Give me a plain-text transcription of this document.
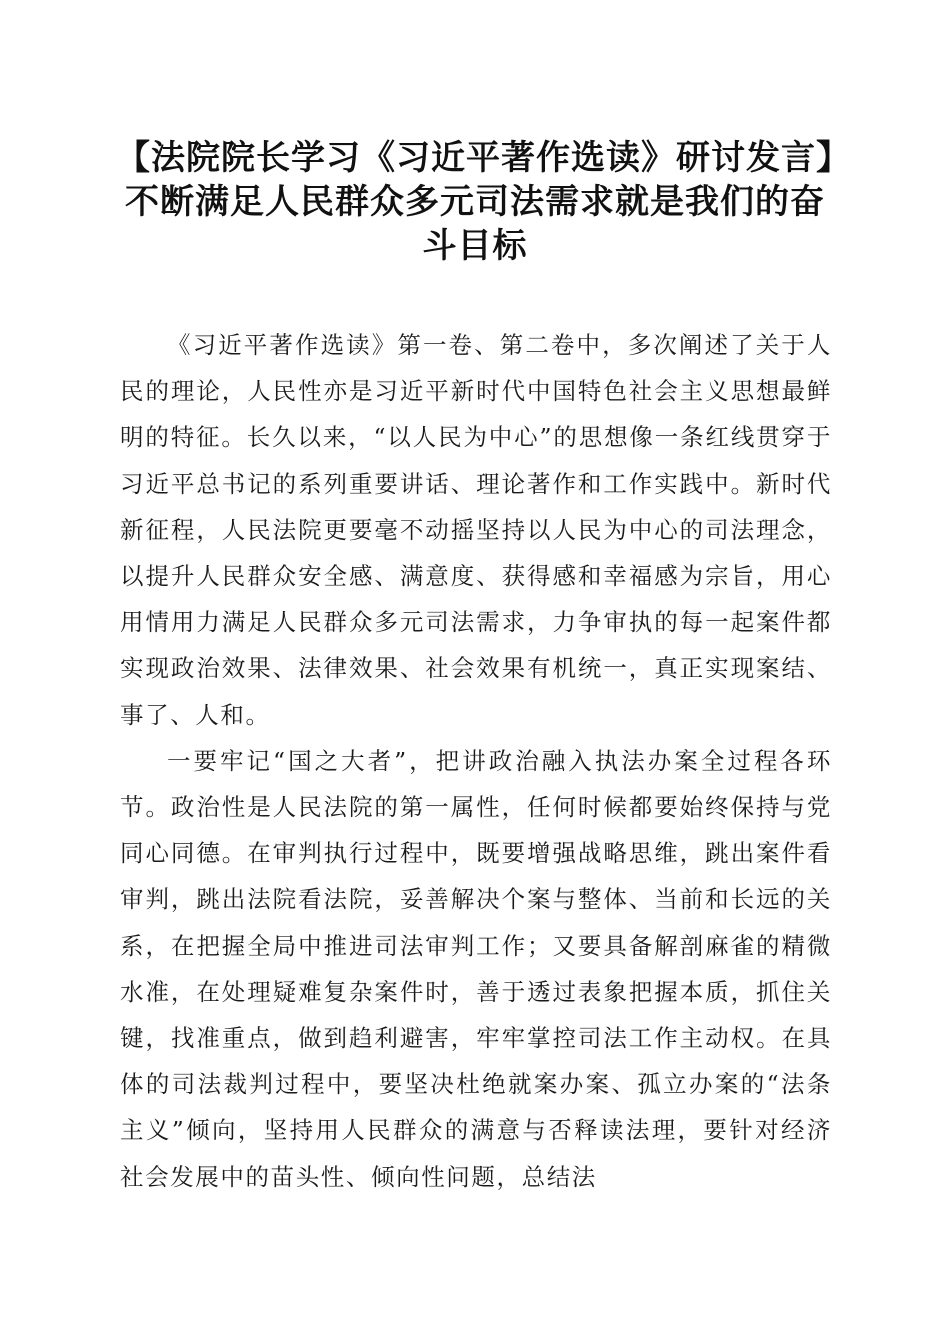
【法院院长学习《习近平著作选读》研讨发言】不断满足人民群众多元司法需求就是我们的奋斗目标

《习近平著作选读》第一卷、第二卷中，多次阐述了关于人民的理论，人民性亦是习近平新时代中国特色社会主义思想最鲜明的特征。长久以来，“以人民为中心”的思想像一条红线贯穿于习近平总书记的系列重要讲话、理论著作和工作实践中。新时代新征程，人民法院更要毫不动摇坚持以人民为中心的司法理念，以提升人民群众安全感、满意度、获得感和幸福感为宗旨，用心用情用力满足人民群众多元司法需求，力争审执的每一起案件都实现政治效果、法律效果、社会效果有机统一，真正实现案结、事了、人和。

一要牢记“国之大者”，把讲政治融入执法办案全过程各环节。政治性是人民法院的第一属性，任何时候都要始终保持与党同心同德。在审判执行过程中，既要增强战略思维，跳出案件看审判，跳出法院看法院，妥善解决个案与整体、当前和长远的关系，在把握全局中推进司法审判工作；又要具备解剖麻雀的精微水准，在处理疑难复杂案件时，善于透过表象把握本质，抓住关键，找准重点，做到趋利避害，牢牢掌控司法工作主动权。在具体的司法裁判过程中，要坚决杜绝就案办案、孤立办案的“法条主义”倾向，坚持用人民群众的满意与否释读法理，要针对经济社会发展中的苗头性、倾向性问题，总结法
